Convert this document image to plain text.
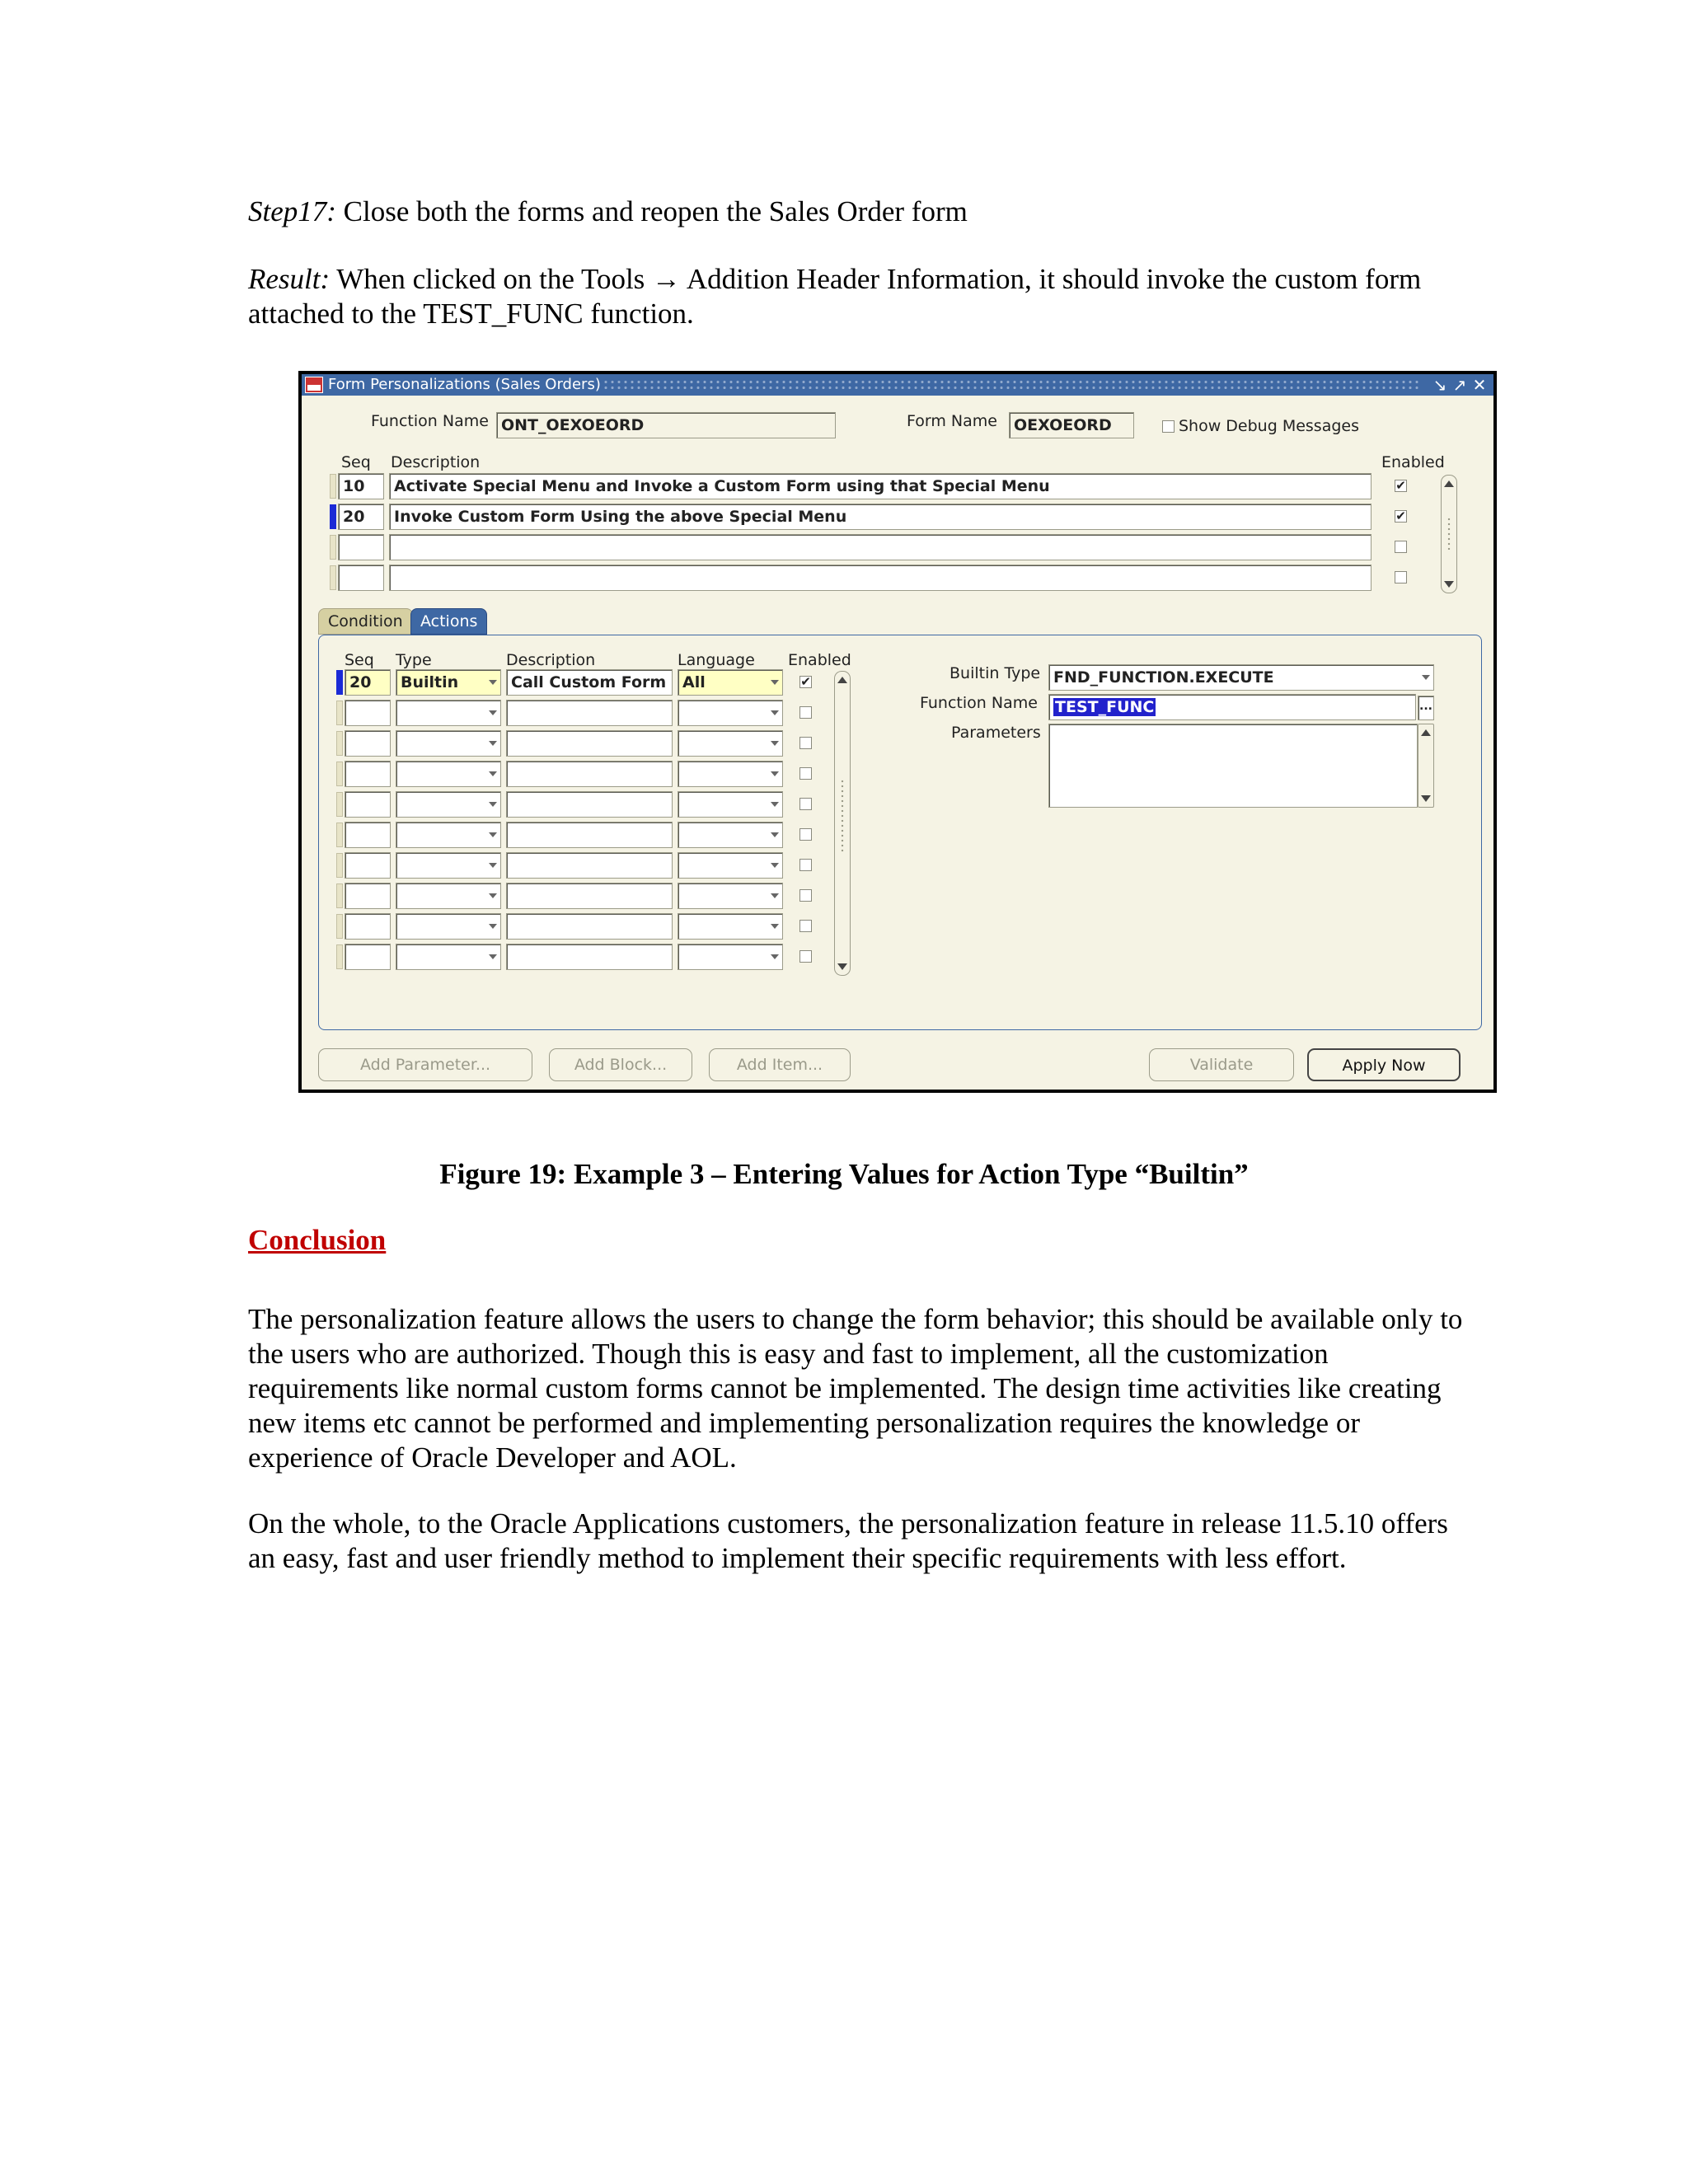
Step17: Close both the forms and reopen the Sales Order form
Result: When clicked on the Tools → Addition Header Information, it should invoke the custom form attached to the TEST_FUNC function.
Form Personalizations (Sales Orders)	↘ ↗ ✕
Function Name ONT_OEXOEORD	Form Name	OEXOEORD	Show Debug Messages
Seq Description	Enabled
10	Activate Special Menu and Invoke a Custom Form using that Special Menu
✔
20	Invoke Custom Form Using the above Special Menu
✔
Condition	Actions
Seq Type	Description	Language Enabled
20	Builtin	Call Custom Form	All
✔	Builtin Type FND_FUNCTION.EXECUTE
Function Name	TEST_FUNC	...
Parameters
Add Parameter...	Add Block...	Add Item...	Validate	Apply Now
Figure 19: Example 3 – Entering Values for Action Type “Builtin”
Conclusion
The personalization feature allows the users to change the form behavior; this should be available only to the users who are authorized. Though this is easy and fast to implement, all the customization requirements like normal custom forms cannot be implemented. The design time activities like creating new items etc cannot be performed and implementing personalization requires the knowledge or experience of Oracle Developer and AOL.
On the whole, to the Oracle Applications customers, the personalization feature in release 11.5.10 offers an easy, fast and user friendly method to implement their specific requirements with less effort.
